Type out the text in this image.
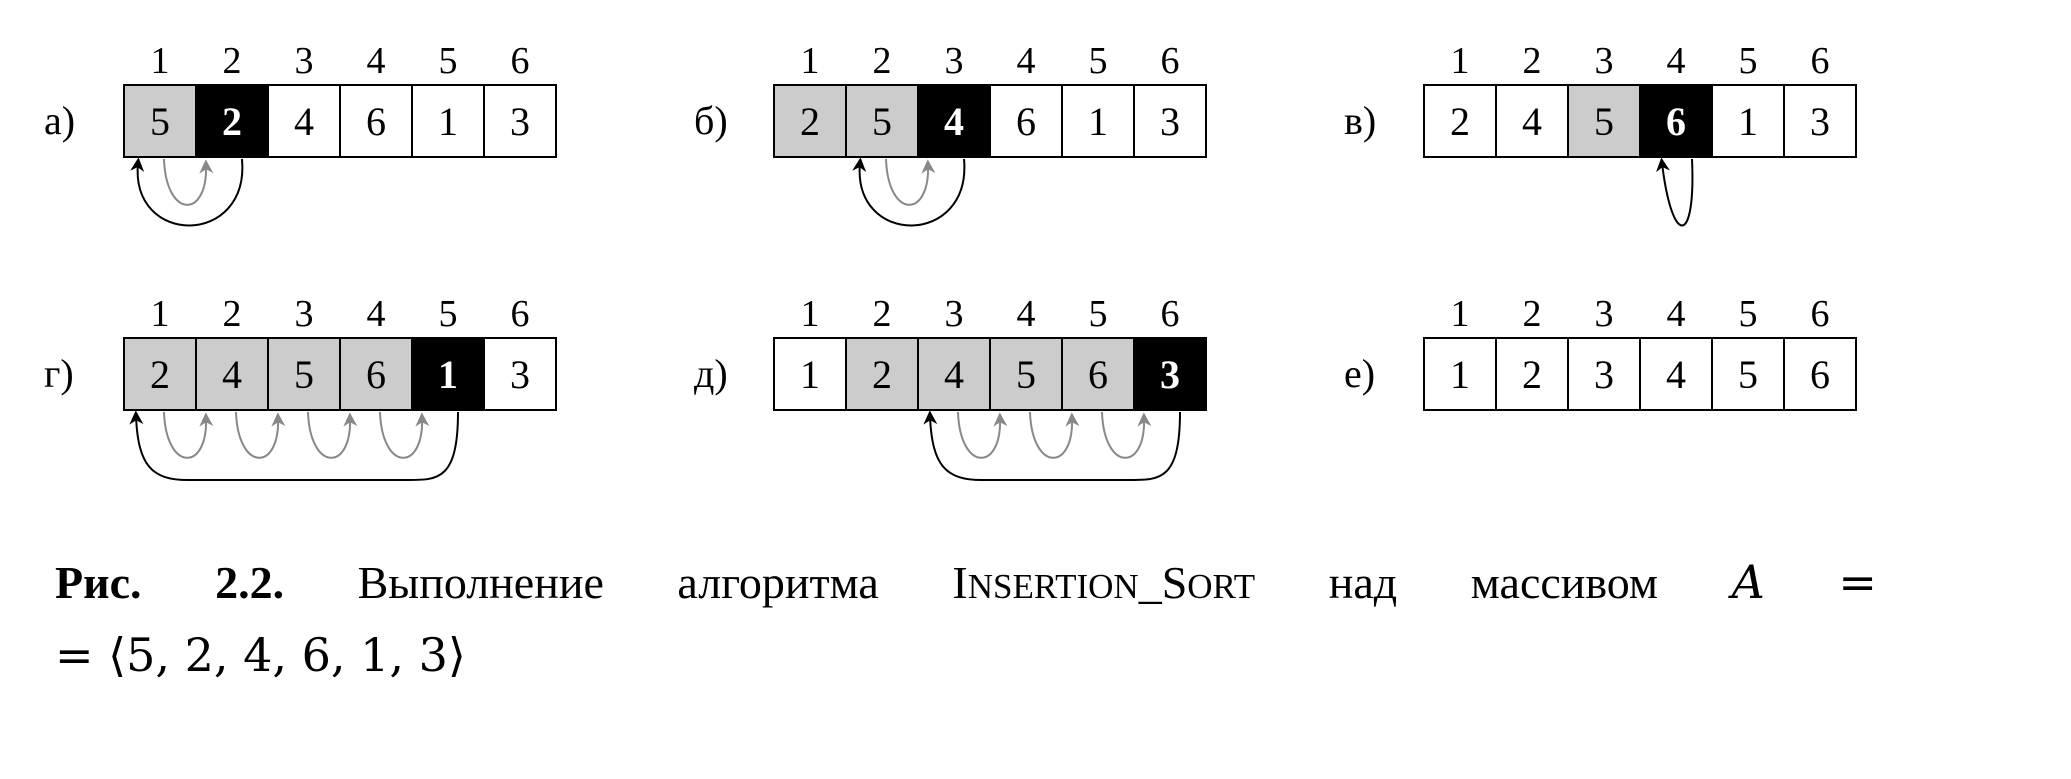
а) 5
1
2
2
4
3
6
4
1
5
3
6
б) 2
1
5
2
4
3
6
4
1
5
3
6
в) 2
1
4
2
5
3
6
4
1
5
3
6
г) 2
1
4
2
5
3
6
4
1
5
3
6
д) 1
1
2
2
4
3
5
4
6
5
3
6
е) 1
1
2
2
3
3
4
4
5
5
6
6
Рис. 2.2. Выполнение алгоритма INSERTION_SORT над массивом A =
= ⟨5, 2, 4, 6, 1, 3⟩
